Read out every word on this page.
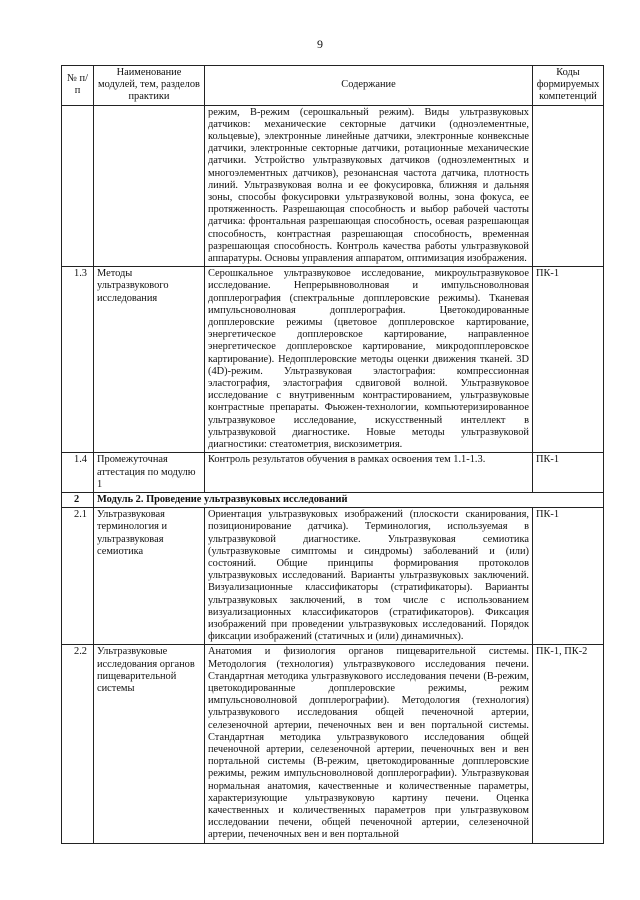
9
№ п/п	Наименование модулей, тем, разделов практики	Содержание	Коды формируемых компетенций
		режим, В-режим (серошкальный режим). Виды ультразвуковых датчиков: механические секторные датчики (одноэлементные, кольцевые), электронные линейные датчики, электронные конвексные датчики, электронные секторные датчики, ротационные механические датчики. Устройство ультразвуковых датчиков (одноэлементных и многоэлементных датчиков), резонансная частота датчика, плотность линий. Ультразвуковая волна и ее фокусировка, ближняя и дальняя зоны, способы фокусировки ультразвуковой волны, зона фокуса, ее протяженность. Разрешающая способность и выбор рабочей частоты датчика: фронтальная разрешающая способность, осевая разрешающая способность, контрастная разрешающая способность, временная разрешающая способность. Контроль качества работы ультразвуковой аппаратуры. Основы управления аппаратом, оптимизация изображения.	
1.3	Методы ультразвукового исследования	Серошкальное ультразвуковое исследование, микроультразвуковое исследование. Непрерывноволновая и импульсноволновая допплерография (спектральные допплеровские режимы). Тканевая импульсноволновая допплерография. Цветокодированные допплеровские режимы (цветовое допплеровское картирование, энергетическое допплеровское картирование, направленное энергетическое допплеровское картирование, микродопплеровское картирование). Недопплеровские методы оценки движения тканей. 3D (4D)-режим. Ультразвуковая эластография: компрессионная эластография, эластография сдвиговой волной. Ультразвуковое исследование с внутривенным контрастированием, ультразвуковые контрастные препараты. Фьюжен-технологии, компьютеризированное ультразвуковое исследование, искусственный интеллект в ультразвуковой диагностике. Новые методы ультразвуковой диагностики: стеатометрия, вискозиметрия.	ПК-1
1.4	Промежуточная аттестация по модулю 1	Контроль результатов обучения в рамках освоения тем 1.1-1.3.	ПК-1
2	Модуль 2. Проведение ультразвуковых исследований		
2.1	Ультразвуковая терминология и ультразвуковая семиотика	Ориентация ультразвуковых изображений (плоскости сканирования, позиционирование датчика). Терминология, используемая в ультразвуковой диагностике. Ультразвуковая семиотика (ультразвуковые симптомы и синдромы) заболеваний и (или) состояний. Общие принципы формирования протоколов ультразвуковых исследований. Варианты ультразвуковых заключений. Визуализационные классификаторы (стратификаторы). Варианты ультразвуковых заключений, в том числе с использованием визуализационных классификаторов (стратификаторов). Фиксация изображений при проведении ультразвуковых исследований. Порядок фиксации изображений (статичных и (или) динамичных).	ПК-1
2.2	Ультразвуковые исследования органов пищеварительной системы	Анатомия и физиология органов пищеварительной системы. Методология (технология) ультразвукового исследования печени. Стандартная методика ультразвукового исследования печени (В-режим, цветокодированные допплеровские режимы, режим импульсноволновой допплерографии). Методология (технология) ультразвукового исследования общей печеночной артерии, селезеночной артерии, печеночных вен и вен портальной системы. Стандартная методика ультразвукового исследования общей печеночной артерии, селезеночной артерии, печеночных вен и вен портальной системы (В-режим, цветокодированные допплеровские режимы, режим импульсноволновой допплерографии). Ультразвуковая нормальная анатомия, качественные и количественные параметры, характеризующие ультразвуковую картину печени. Оценка качественных и количественных параметров при ультразвуковом исследовании печени, общей печеночной артерии, селезеночной артерии, печеночных вен и вен портальной	ПК-1, ПК-2
